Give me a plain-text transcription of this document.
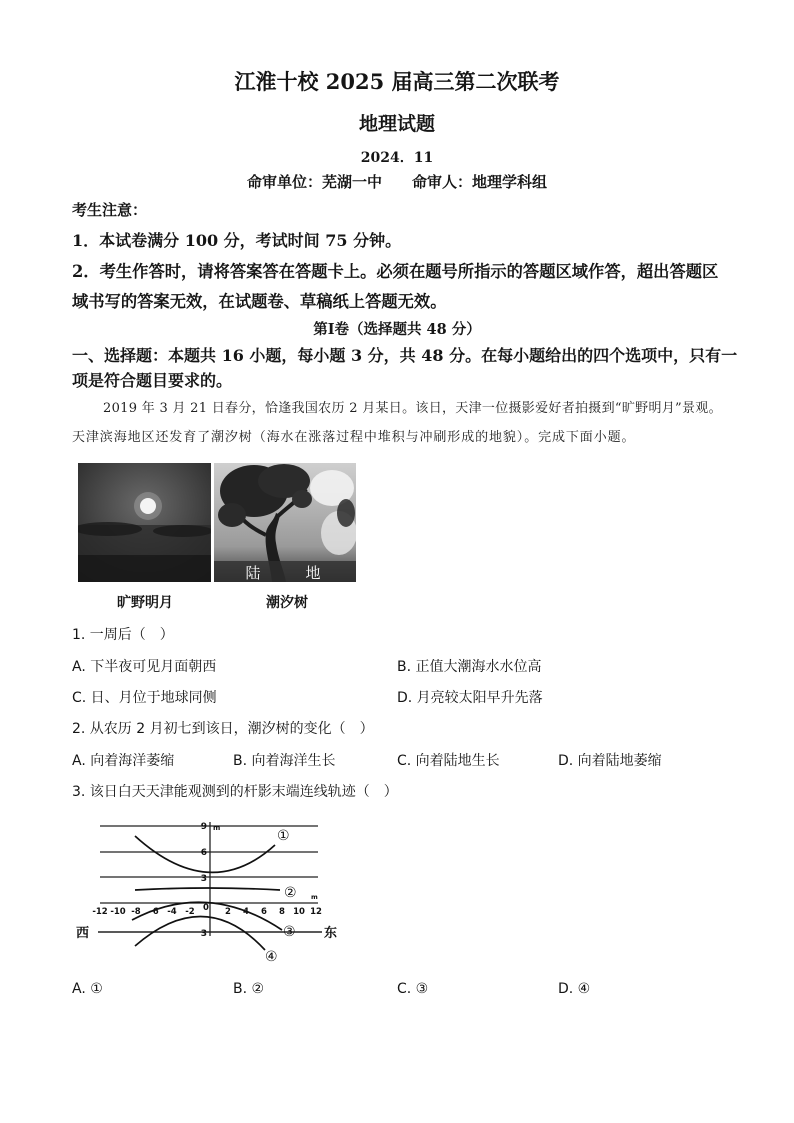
江淮十校 2025 届高三第二次联考
地理试题
2024．11
命审单位：芜湖一中　　命审人：地理学科组
考生注意：
1．本试卷满分 100 分，考试时间 75 分钟。
2．考生作答时，请将答案答在答题卡上。必须在题号所指示的答题区域作答，超出答题区
域书写的答案无效，在试题卷、草稿纸上答题无效。
第Ⅰ卷（选择题共 48 分）
一、选择题：本题共 16 小题，每小题 3 分，共 48 分。在每小题给出的四个选项中，只有一
项是符合题目要求的。
2019 年 3 月 21 日春分，恰逢我国农历 2 月某日。该日，天津一位摄影爱好者拍摄到“旷野明月”景观。
天津滨海地区还发育了潮汐树（海水在涨落过程中堆积与冲刷形成的地貌）。完成下面小题。
陆	地
旷野明月	潮汐树
1. 一周后（　）
A. 下半夜可见月面朝西	B. 正值大潮海水水位高
C. 日、月位于地球同侧	D. 月亮较太阳早升先落
2. 从农历 2 月初七到该日，潮汐树的变化（　）
A. 向着海洋萎缩	B. 向着海洋生长	C. 向着陆地生长	D. 向着陆地萎缩
3. 该日白天天津能观测到的杆影末端连线轨迹（　）
9
6
3
3
m
-12 -10 -8 -6 -4 -2 0 2 4 6 8 10 12
m
西	东
①
②
③
④
A. ①	B. ②	C. ③	D. ④
